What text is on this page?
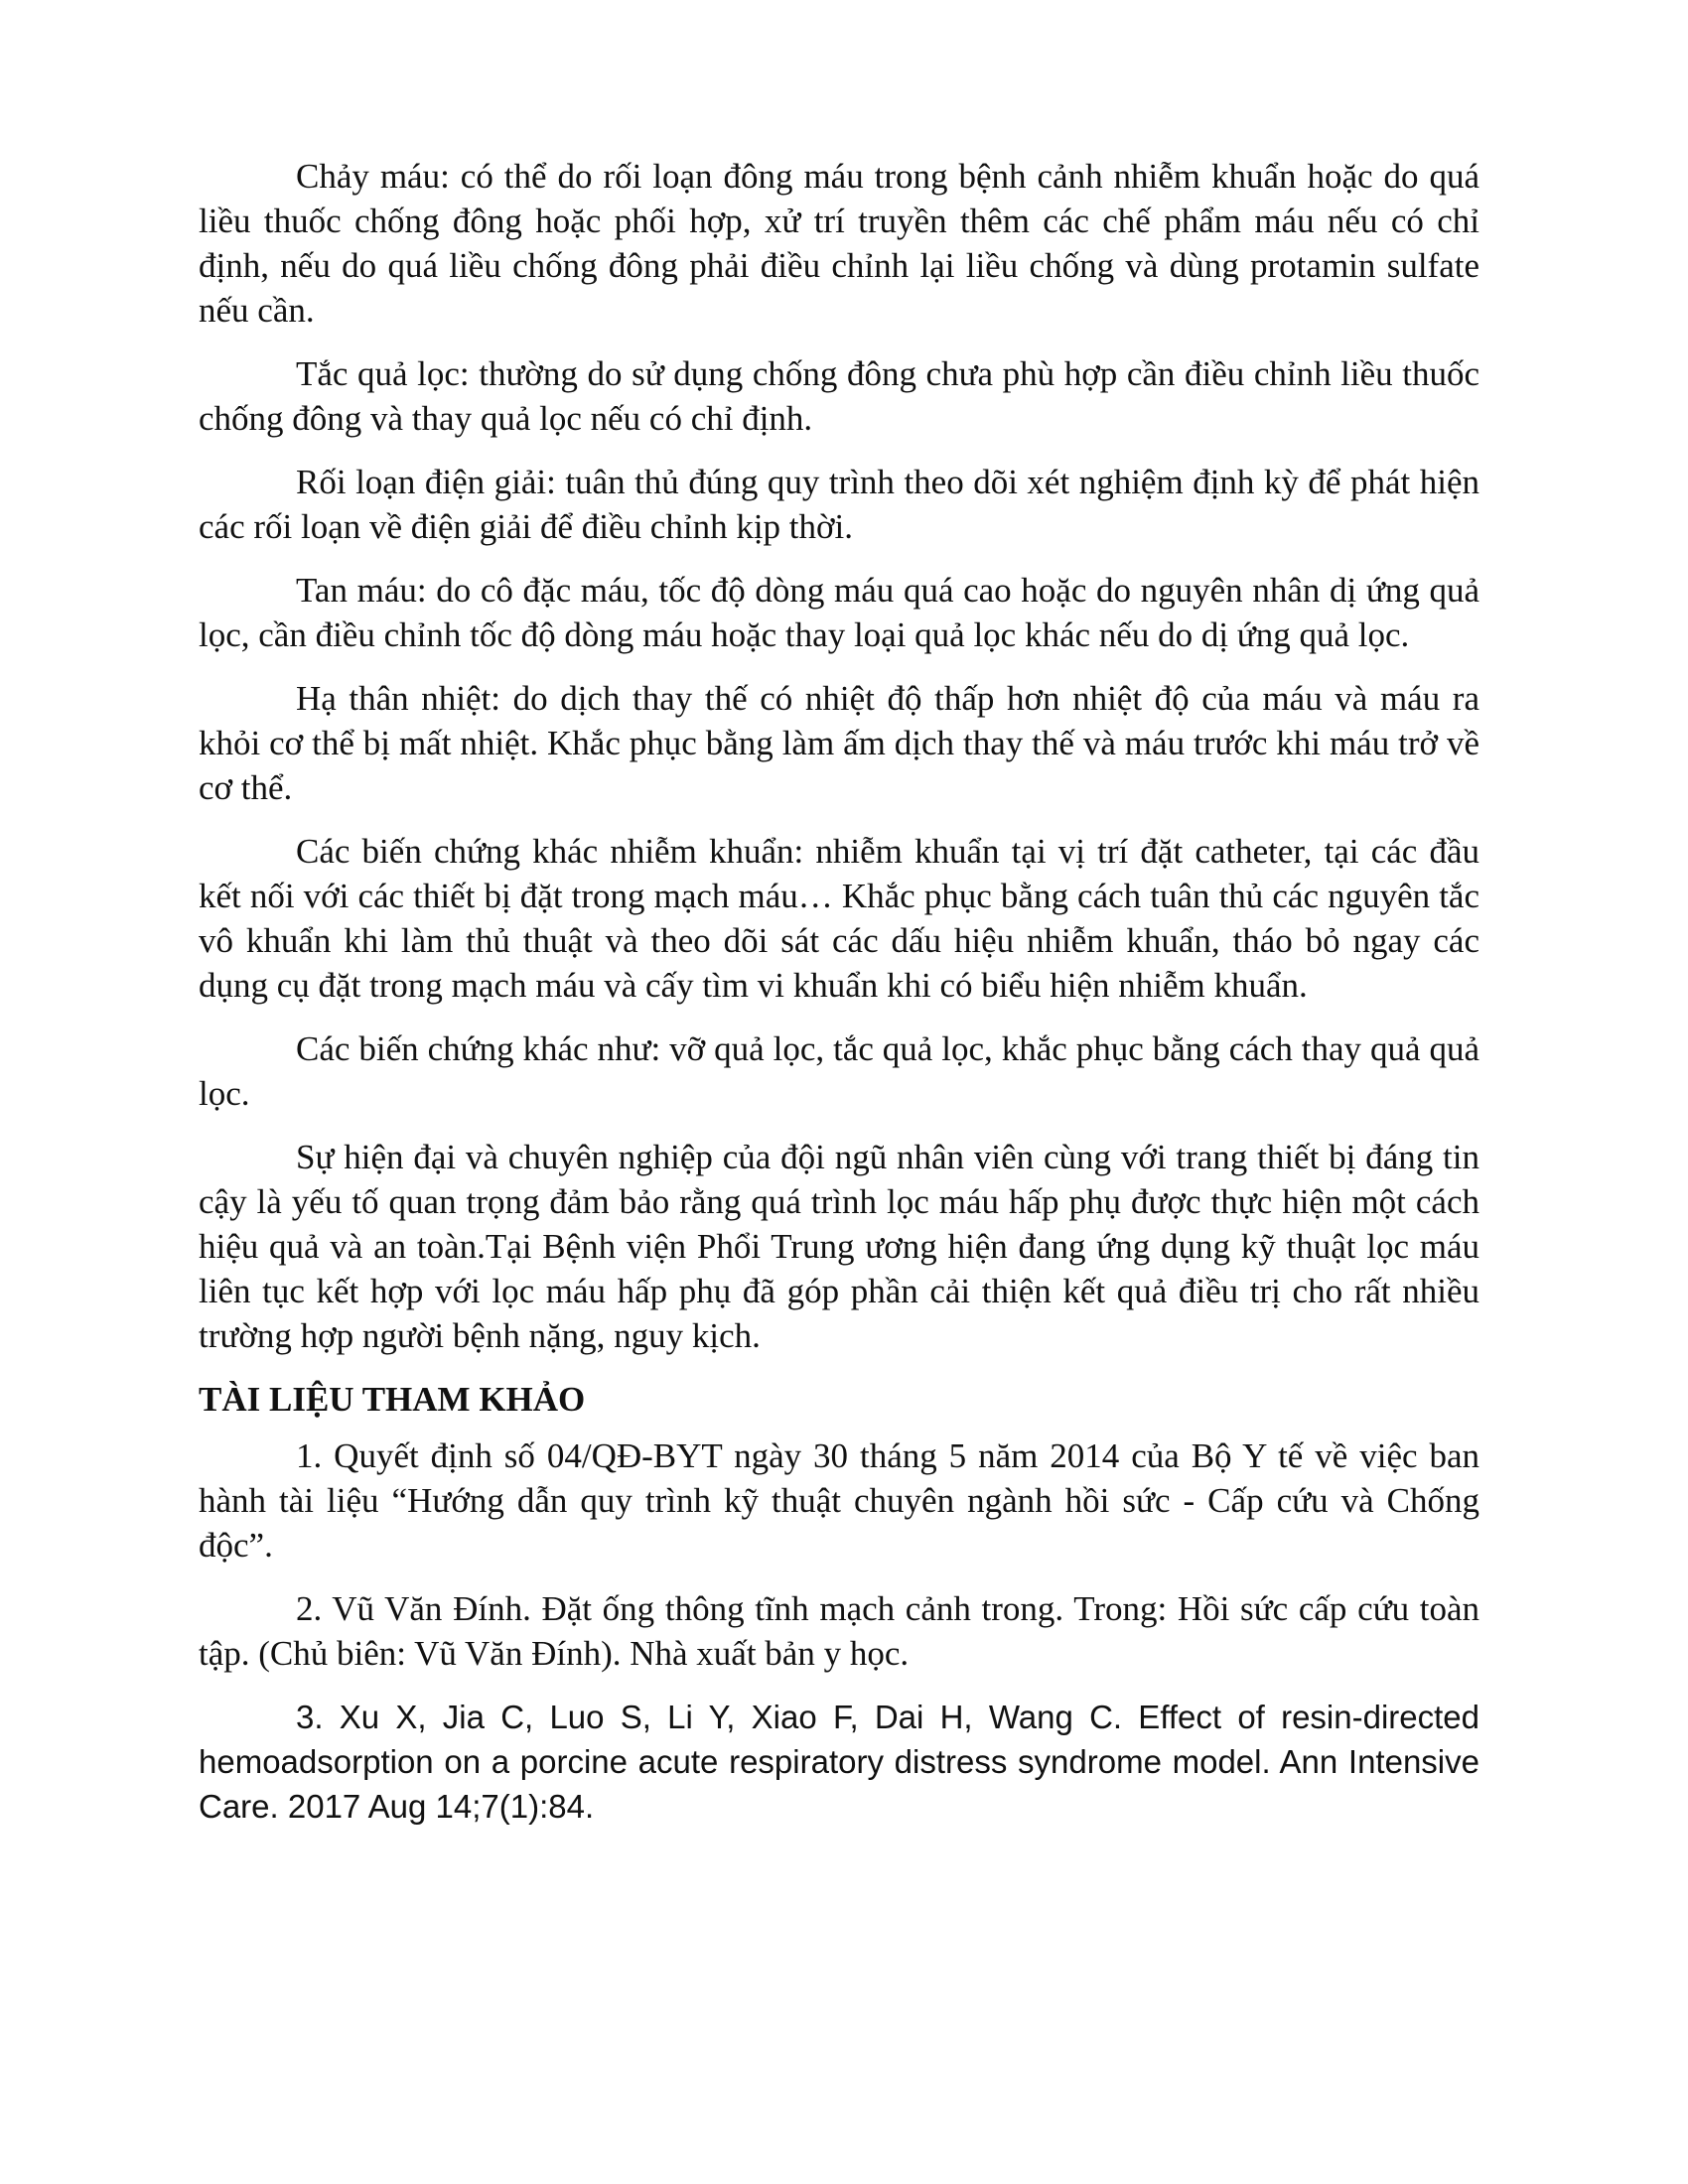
Chảy máu: có thể do rối loạn đông máu trong bệnh cảnh nhiễm khuẩn hoặc do quá liều thuốc chống đông hoặc phối hợp, xử trí truyền thêm các chế phẩm máu nếu có chỉ định, nếu do quá liều chống đông phải điều chỉnh lại liều chống và dùng protamin sulfate nếu cần.

Tắc quả lọc: thường do sử dụng chống đông chưa phù hợp cần điều chỉnh liều thuốc chống đông và thay quả lọc nếu có chỉ định.

Rối loạn điện giải: tuân thủ đúng quy trình theo dõi xét nghiệm định kỳ để phát hiện các rối loạn về điện giải để điều chỉnh kịp thời.

Tan máu: do cô đặc máu, tốc độ dòng máu quá cao hoặc do nguyên nhân dị ứng quả lọc, cần điều chỉnh tốc độ dòng máu hoặc thay loại quả lọc khác nếu do dị ứng quả lọc.

Hạ thân nhiệt: do dịch thay thế có nhiệt độ thấp hơn nhiệt độ của máu và máu ra khỏi cơ thể bị mất nhiệt. Khắc phục bằng làm ấm dịch thay thế và máu trước khi máu trở về cơ thể.

Các biến chứng khác nhiễm khuẩn: nhiễm khuẩn tại vị trí đặt catheter, tại các đầu kết nối với các thiết bị đặt trong mạch máu… Khắc phục bằng cách tuân thủ các nguyên tắc vô khuẩn khi làm thủ thuật và theo dõi sát các dấu hiệu nhiễm khuẩn, tháo bỏ ngay các dụng cụ đặt trong mạch máu và cấy tìm vi khuẩn khi có biểu hiện nhiễm khuẩn.

Các biến chứng khác như: vỡ quả lọc, tắc quả lọc, khắc phục bằng cách thay quả quả lọc.

Sự hiện đại và chuyên nghiệp của đội ngũ nhân viên cùng với trang thiết bị đáng tin cậy là yếu tố quan trọng đảm bảo rằng quá trình lọc máu hấp phụ được thực hiện một cách hiệu quả và an toàn.Tại Bệnh viện Phổi Trung ương hiện đang ứng dụng kỹ thuật lọc máu liên tục kết hợp với lọc máu hấp phụ đã góp phần cải thiện kết quả điều trị cho rất nhiều trường hợp người bệnh nặng, nguy kịch.

TÀI LIỆU THAM KHẢO

1. Quyết định số 04/QĐ-BYT ngày 30 tháng 5 năm 2014 của Bộ Y tế về việc ban hành tài liệu “Hướng dẫn quy trình kỹ thuật chuyên ngành hồi sức - Cấp cứu và Chống độc”.

2. Vũ Văn Đính. Đặt ống thông tĩnh mạch cảnh trong. Trong: Hồi sức cấp cứu toàn tập. (Chủ biên: Vũ Văn Đính). Nhà xuất bản y học.

3. Xu X, Jia C, Luo S, Li Y, Xiao F, Dai H, Wang C. Effect of resin-directed hemoadsorption on a porcine acute respiratory distress syndrome model. Ann Intensive Care. 2017 Aug 14;7(1):84.
